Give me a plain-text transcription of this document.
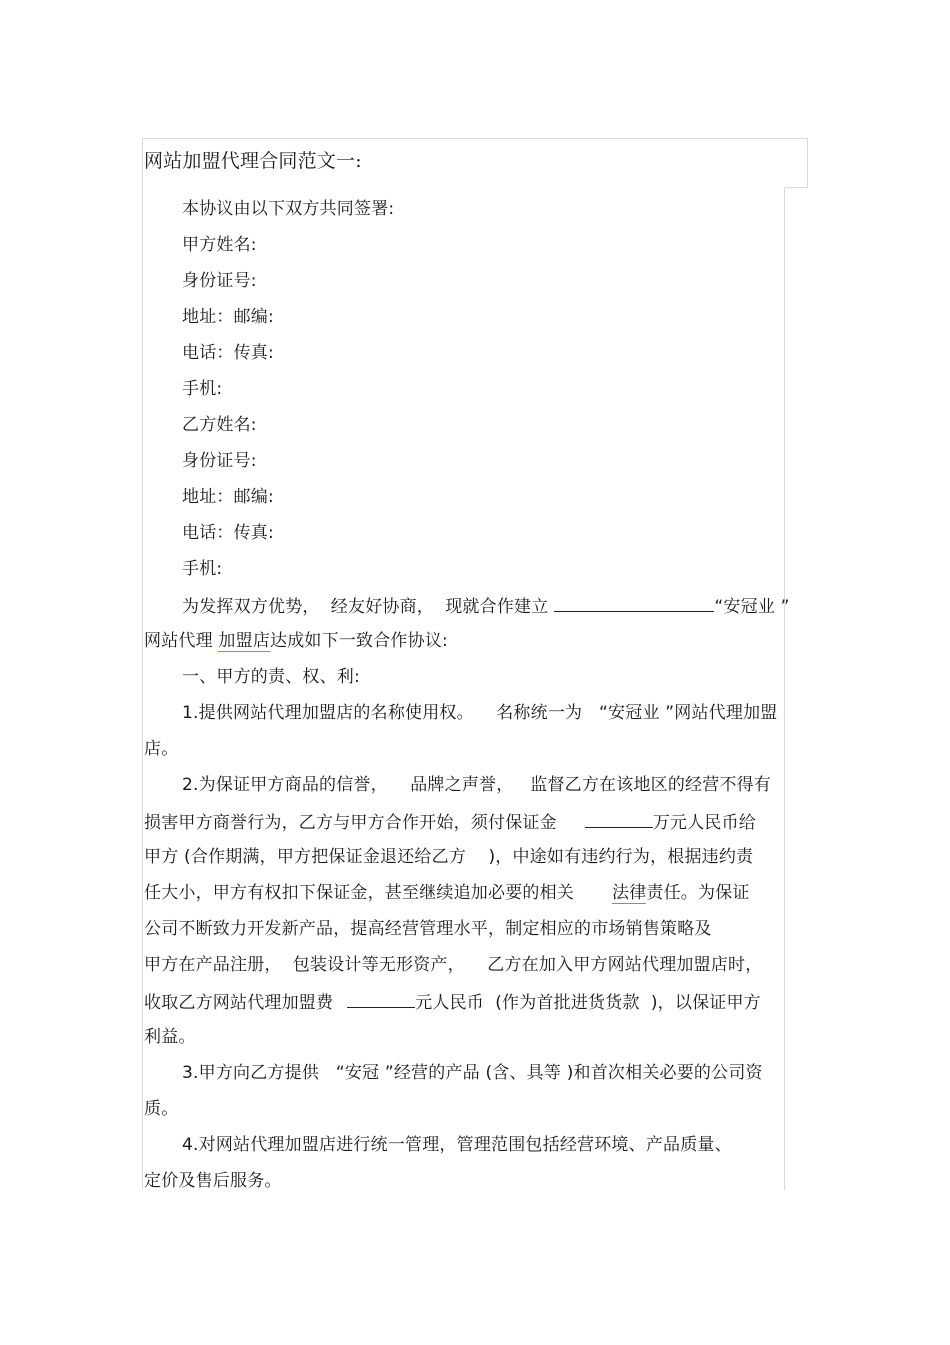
网站加盟代理合同范文一:
本协议由以下双方共同签署:
甲方姓名:
身份证号:
地址：邮编:
电话：传真:
手机:
乙方姓名:
身份证号:
地址：邮编:
电话：传真:
手机:
为发挥双方优势，  经友好协商，  现就合作建立	“安冠业 ”
网站代理 加盟店达成如下一致合作协议:
一、甲方的责、权、利:
1.提供网站代理加盟店的名称使用权。    名称统一为   “安冠业 ”网站代理加盟
店。
2.为保证甲方商品的信誉，    品牌之声誉，   监督乙方在该地区的经营不得有
损害甲方商誉行为，乙方与甲方合作开始，须付保证金	万元人民币给
甲方 (合作期满，甲方把保证金退还给乙方    )，中途如有违约行为，根据违约责
任大小，甲方有权扣下保证金，甚至继续追加必要的相关 法律责任。为保证
公司不断致力开发新产品，提高经营管理水平，制定相应的市场销售策略及
甲方在产品注册，  包装设计等无形资产，    乙方在加入甲方网站代理加盟店时，
收取乙方网站代理加盟费	元人民币  (作为首批进货货款  )，以保证甲方
利益。
3.甲方向乙方提供   “安冠 ”经营的产品 (含、具等 )和首次相关必要的公司资
质。
4.对网站代理加盟店进行统一管理，管理范围包括经营环境、产品质量、
定价及售后服务。
